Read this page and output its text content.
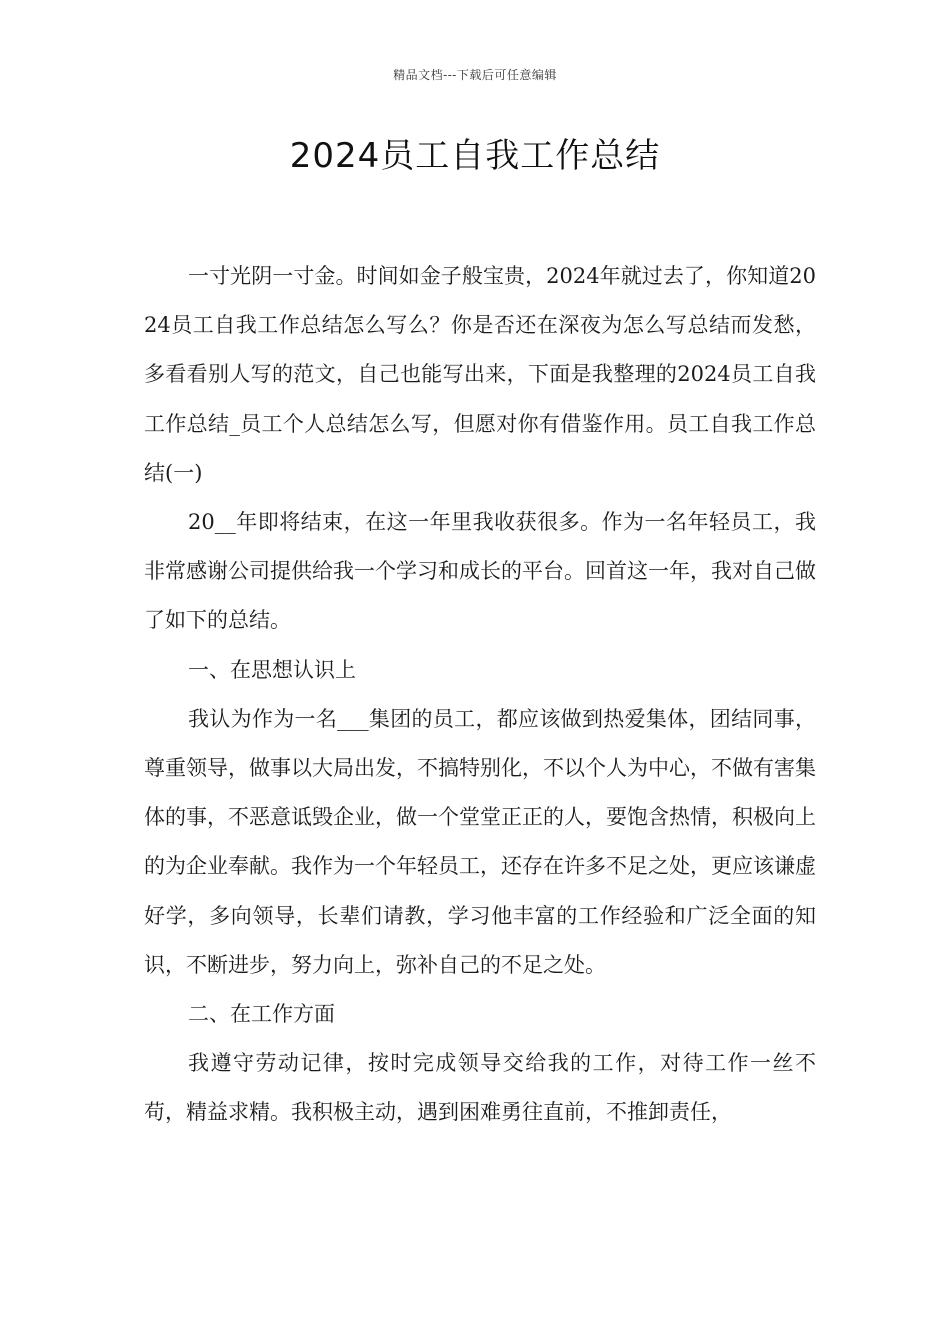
精品文档---下载后可任意编辑
2024员工自我工作总结

一寸光阴一寸金。时间如金子般宝贵，2024年就过去了，你知道2024员工自我工作总结怎么写么？你是否还在深夜为怎么写总结而发愁，多看看别人写的范文，自己也能写出来，下面是我整理的2024员工自我工作总结_员工个人总结怎么写，但愿对你有借鉴作用。员工自我工作总结(一)

20__年即将结束，在这一年里我收获很多。作为一名年轻员工，我非常感谢公司提供给我一个学习和成长的平台。回首这一年，我对自己做了如下的总结。

一、在思想认识上

我认为作为一名___集团的员工，都应该做到热爱集体，团结同事，尊重领导，做事以大局出发，不搞特别化，不以个人为中心，不做有害集体的事，不恶意诋毁企业，做一个堂堂正正的人，要饱含热情，积极向上的为企业奉献。我作为一个年轻员工，还存在许多不足之处，更应该谦虚好学，多向领导，长辈们请教，学习他丰富的工作经验和广泛全面的知识，不断进步，努力向上，弥补自己的不足之处。

二、在工作方面

我遵守劳动记律，按时完成领导交给我的工作，对待工作一丝不苟，精益求精。我积极主动，遇到困难勇往直前，不推卸责任，
